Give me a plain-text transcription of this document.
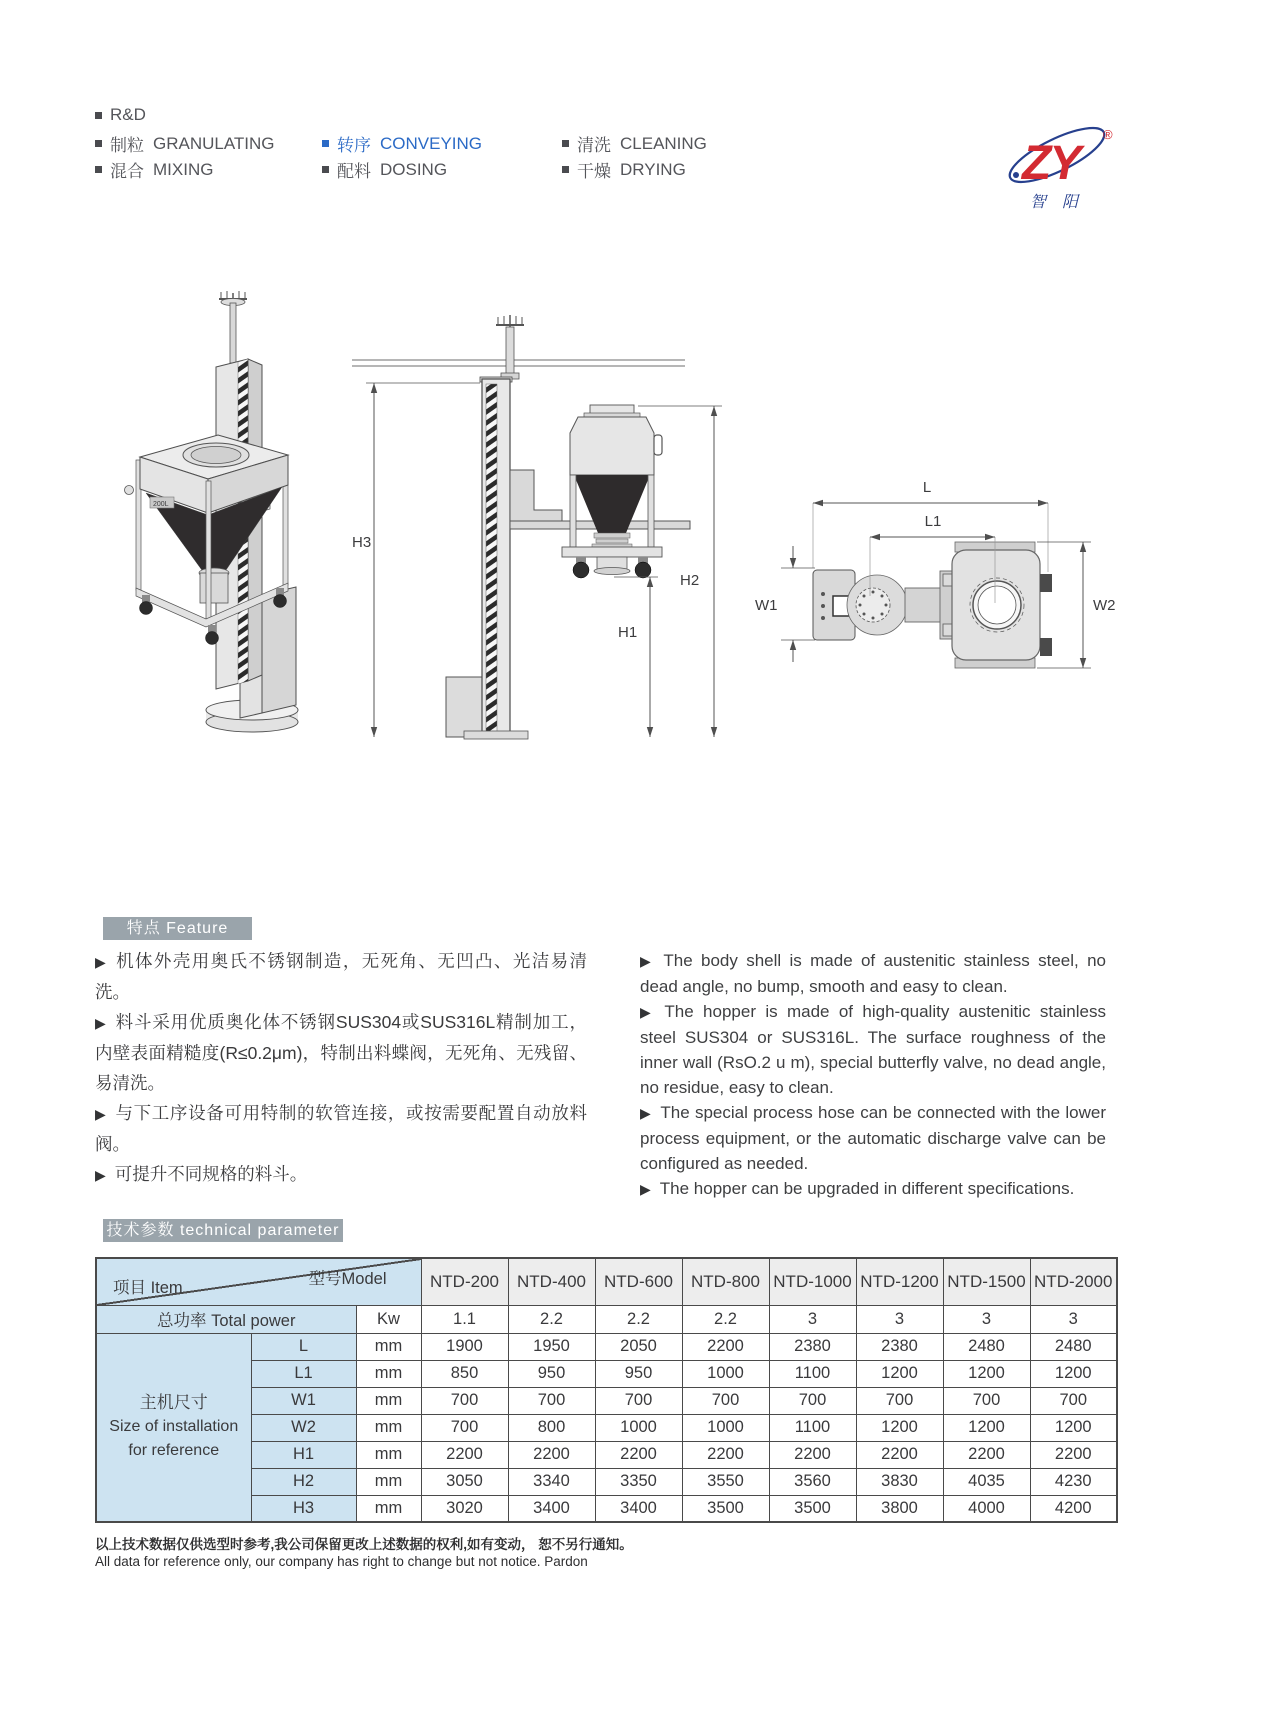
R&D
制粒 GRANULATING
混合 MIXING
转序 CONVEYING
配料 DOSING
清洗 CLEANING
干燥 DRYING	ZY
®
智阳
200L
H3
H1
H2
L
L1
W1	W2
特点 Feature

▶ 机体外壳用奥氏不锈钢制造，无死角、无凹凸、光洁易清洗。

▶ 料斗采用优质奥化体不锈钢SUS304或SUS316L精制加工，内壁表面精糙度(R≤0.2μm)，特制出料蝶阀，无死角、无残留、易清洗。

▶ 与下工序设备可用特制的软管连接，或按需要配置自动放料阀。

▶ 可提升不同规格的料斗。

▶ The body shell is made of austenitic stainless steel, no dead angle, no bump, smooth and easy to clean.

▶ The hopper is made of high-quality austenitic stainless steel SUS304 or SUS316L. The surface roughness of the inner wall (RsO.2 u m), special butterfly valve, no dead angle, no residue, easy to clean.

▶ The special process hose can be connected with the lower process equipment, or the automatic discharge valve can be configured as needed.

▶ The hopper can be upgraded in different specifications.

技术参数 technical parameter
项目 Item 型号Model			NTD-200	NTD-400	NTD-600	NTD-800	NTD-1000	NTD-1200	NTD-1500	NTD-2000
总功率 Total power		Kw	1.1	2.2	2.2	2.2	3	3	3	3

主机尺寸
Size of installation
for reference	L	mm	1900	1950	2050	2200	2380	2380	2480	2480
	L1	mm	850	950	950	1000	1100	1200	1200	1200
	W1	mm	700	700	700	700	700	700	700	700
	W2	mm	700	800	1000	1000	1100	1200	1200	1200
	H1	mm	2200	2200	2200	2200	2200	2200	2200	2200
	H2	mm	3050	3340	3350	3550	3560	3830	4035	4230
	H3	mm	3020	3400	3400	3500	3500	3800	4000	4200
以上技术数据仅供选型时参考,我公司保留更改上述数据的权利,如有变动， 恕不另行通知。
All data for reference only, our company has right to change but not notice. Pardon
